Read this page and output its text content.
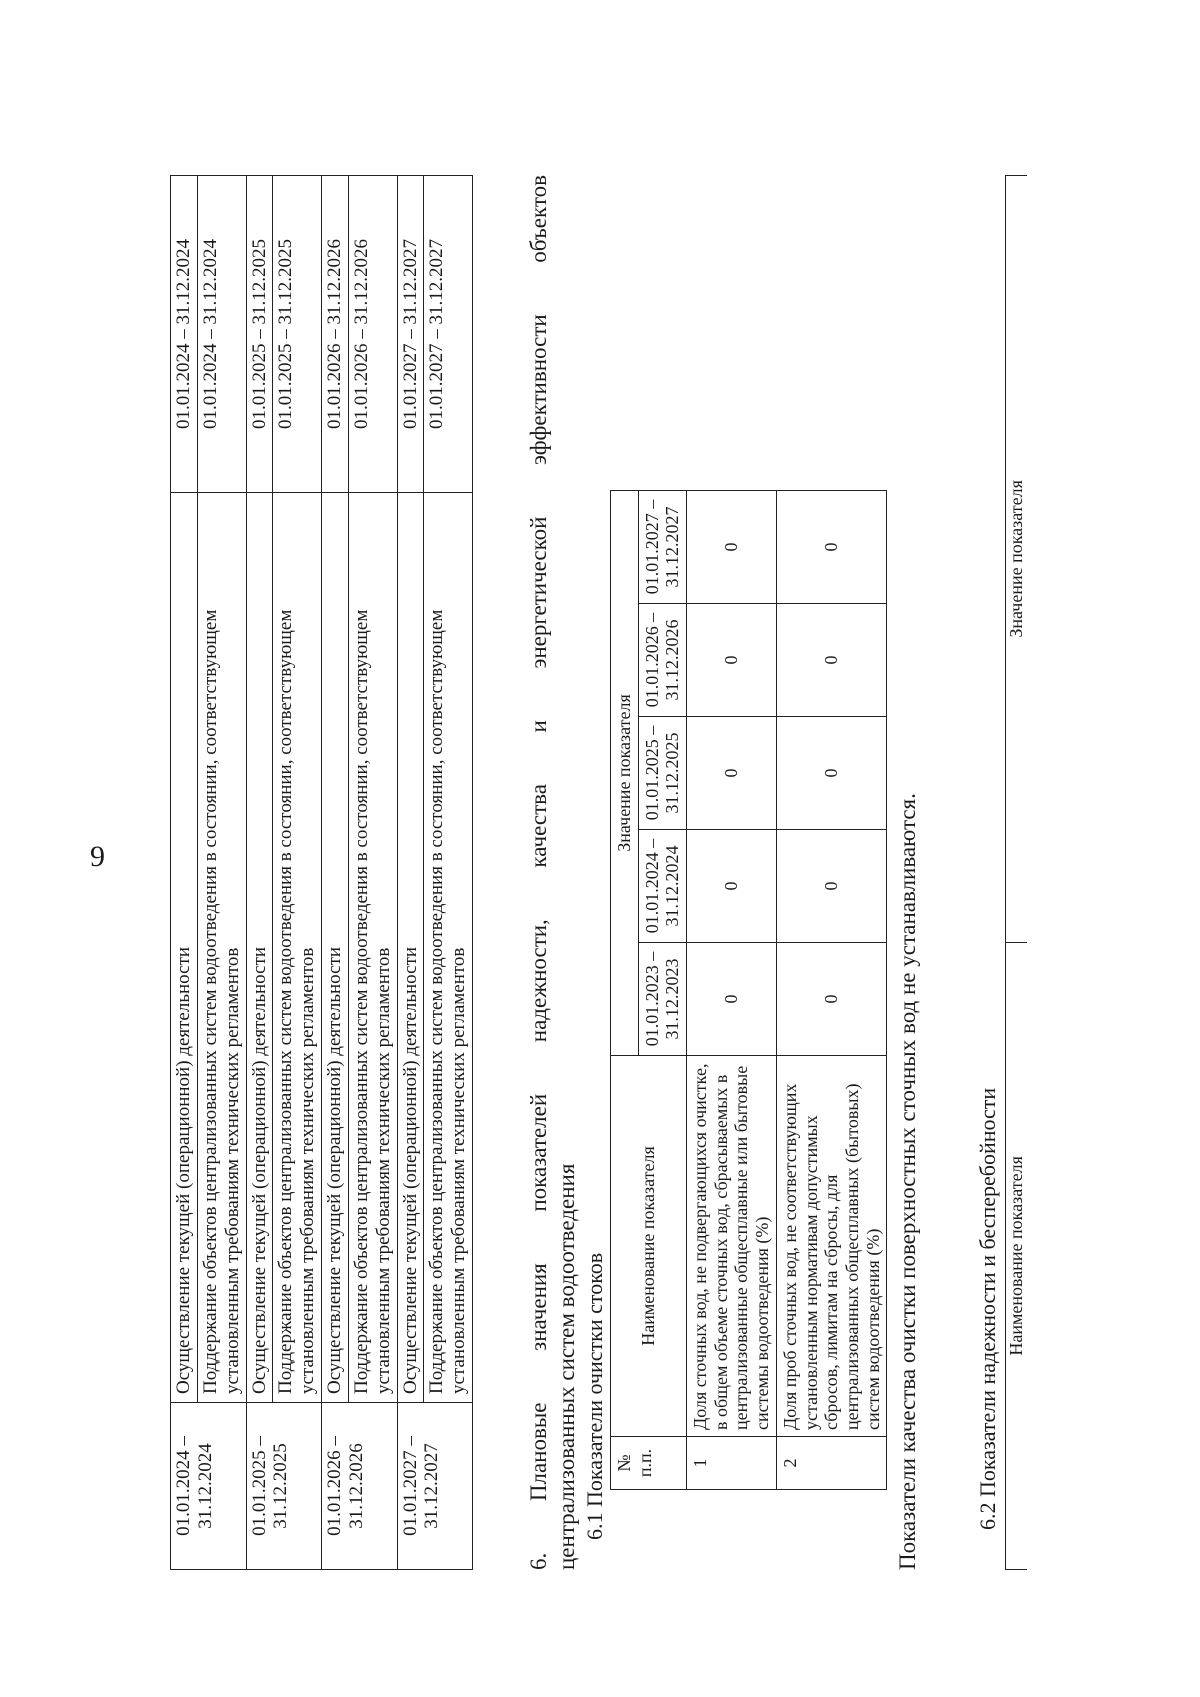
9
01.01.2024 – 31.12.2024	Осуществление текущей (операционной) деятельности	01.01.2024 – 31.12.2024
	Поддержание объектов централизованных систем водоотведения в состоянии, соответствующем установленным требованиям технических регламентов	01.01.2024 – 31.12.2024
01.01.2025 – 31.12.2025	Осуществление текущей (операционной) деятельности	01.01.2025 – 31.12.2025
	Поддержание объектов централизованных систем водоотведения в состоянии, соответствующем установленным требованиям технических регламентов	01.01.2025 – 31.12.2025
01.01.2026 – 31.12.2026	Осуществление текущей (операционной) деятельности	01.01.2026 – 31.12.2026
	Поддержание объектов централизованных систем водоотведения в состоянии, соответствующем установленным требованиям технических регламентов	01.01.2026 – 31.12.2026
01.01.2027 – 31.12.2027	Осуществление текущей (операционной) деятельности	01.01.2027 – 31.12.2027
	Поддержание объектов централизованных систем водоотведения в состоянии, соответствующем установленным требованиям технических регламентов	01.01.2027 – 31.12.2027	6. Плановые значения показателей надежности, качества и энергетической эффективности объектов централизованных систем водоотведения 6.1 Показатели очистки стоков № п.п.	Наименование показателя	Значение показателя				
		01.01.2023 – 31.12.2023	01.01.2024 – 31.12.2024	01.01.2025 – 31.12.2025	01.01.2026 – 31.12.2026	01.01.2027 – 31.12.2027
1	Доля сточных вод, не подвергающихся очистке, в общем объеме сточных вод, сбрасываемых в централизованные общесплавные или бытовые системы водоотведения (%)	0	0	0	0	0
2	Доля проб сточных вод, не соответствующих установленным нормативам допустимых сбросов, лимитам на сбросы, для централизованных общесплавных (бытовых) систем водоотведения (%)	0	0	0	0	0
Показатели качества очистки поверхностных сточных вод не устанавливаются.	6.2 Показатели надежности и бесперебойности Наименование показателя	Значение показателя
